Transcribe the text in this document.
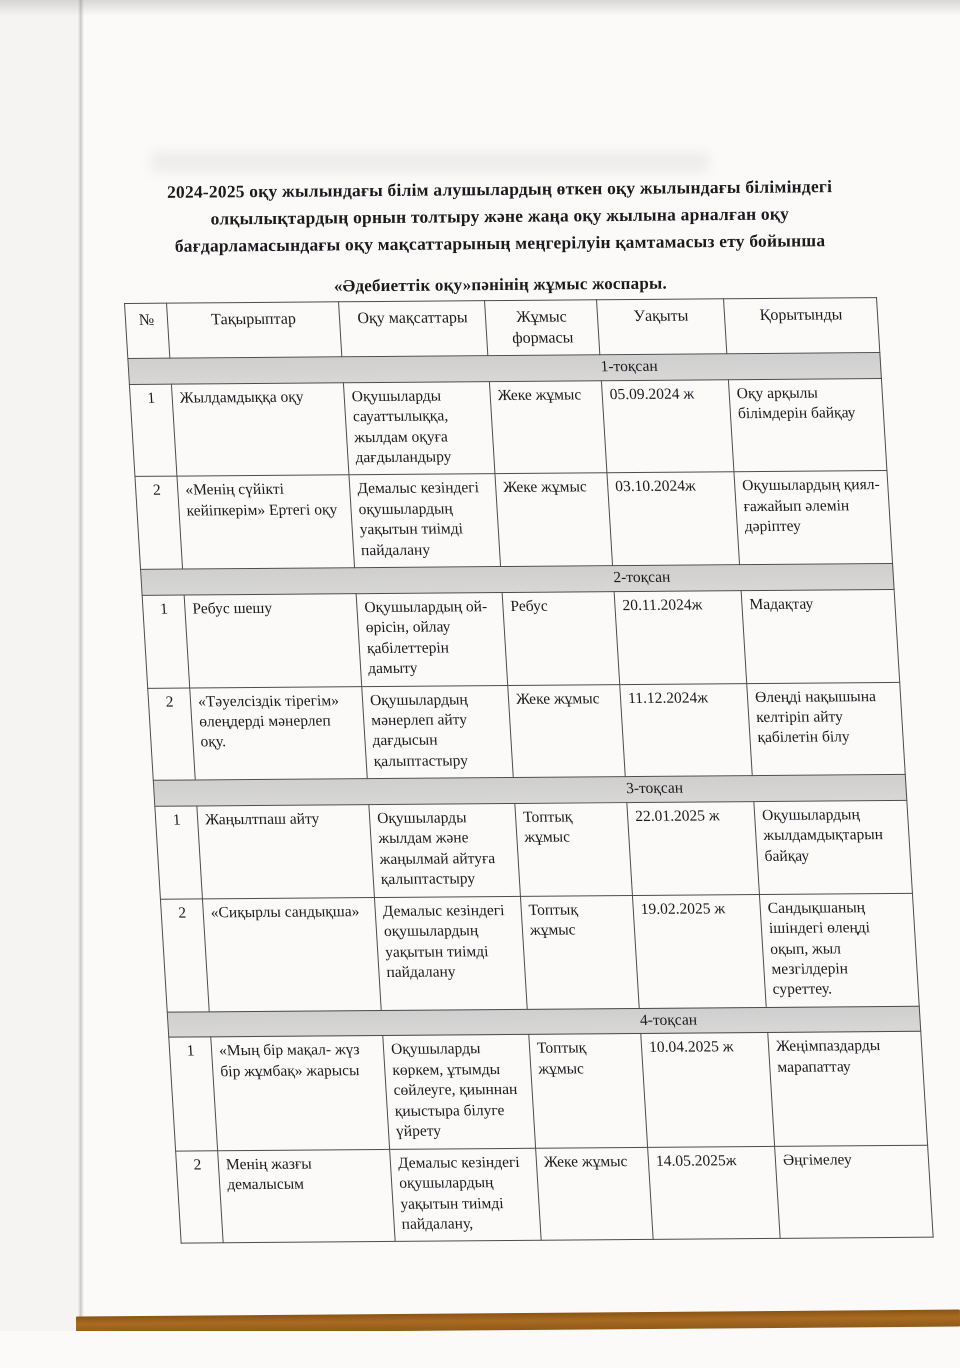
2024-2025 оқу жылындағы білім алушылардың өткен оқу жылындағы біліміндегі
олқылықтардың орнын толтыру және жаңа оқу жылына арналған оқу
бағдарламасындағы оқу мақсаттарының меңгерілуін қамтамасыз ету бойынша
«Әдебиеттік оқу»пәнінің жұмыс жоспары.
№	Тақырыптар	Оқу мақсаттары	Жұмыс формасы	Уақыты	Қорытынды
1-тоқсан					
1	Жылдамдыққа оқу	Оқушыларды сауаттылыққа, жылдам оқуға дағдыландыру	Жеке жұмыс	05.09.2024 ж	Оқу арқылы білімдерін байқау
2	«Менің сүйікті кейіпкерім» Ертегі оқу	Демалыс кезіндегі оқушылардың уақытын тиімді пайдалану	Жеке жұмыс	03.10.2024ж	Оқушылардың қиял-ғажайып әлемін дәріптеу
2-тоқсан					
1	Ребус шешу	Оқушылардың ой-өрісін, ойлау қабілеттерін дамыту	Ребус	20.11.2024ж	Мадақтау
2	«Тәуелсіздік тірегім» өлеңдерді мәнерлеп оқу.	Оқушылардың мәнерлеп айту дағдысын қалыптастыру	Жеке жұмыс	11.12.2024ж	Өлеңді нақышына келтіріп айту қабілетін білу
3-тоқсан					
1	Жаңылтпаш айту	Оқушыларды жылдам және жаңылмай айтуға қалыптастыру	Топтық жұмыс	22.01.2025 ж	Оқушылардың жылдамдықтарын байқау
2	«Сиқырлы сандықша»	Демалыс кезіндегі оқушылардың уақытын тиімді пайдалану	Топтық жұмыс	19.02.2025 ж	Сандықшаның ішіндегі өлеңді оқып, жыл мезгілдерін суреттеу.
4-тоқсан					
1	«Мың бір мақал- жүз бір жұмбақ» жарысы	Оқушыларды көркем, ұтымды сөйлеуге, қиыннан қиыстыра білуге үйрету	Топтық жұмыс	10.04.2025 ж	Жеңімпаздарды марапаттау
2	Менің жазғы демалысым	Демалыс кезіндегі оқушылардың уақытын тиімді пайдалану,	Жеке жұмыс	14.05.2025ж	Әңгімелеу
